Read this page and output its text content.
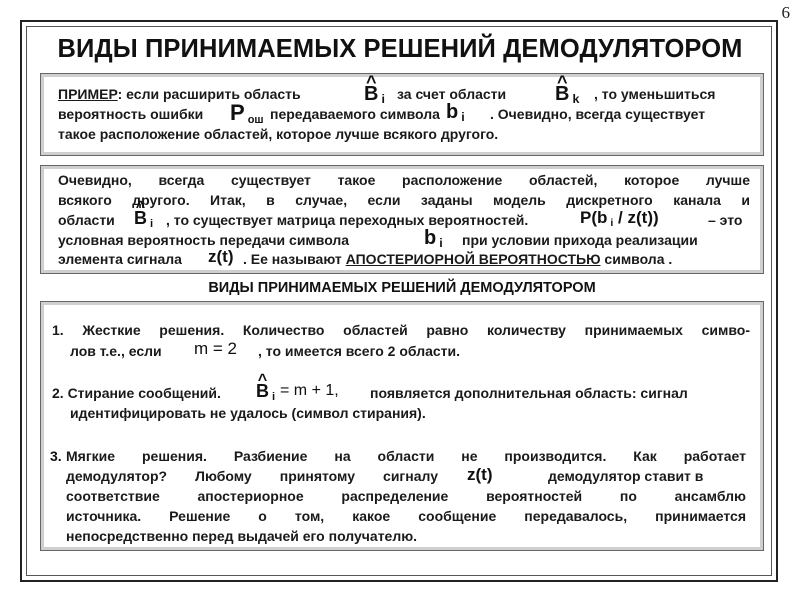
6
ВИДЫ ПРИНИМАЕМЫХ РЕШЕНИЙ ДЕМОДУЛЯТОРОМ
ПРИМЕР: если расширить область	^ B $_i$ за счет области ^ B $_k$ , то уменьшиться
вероятность ошибки P $_{ош}$ передаваемого символа b $_i$ . Очевидно, всегда существует
такое расположение областей, которое лучше всякого другого.
Очевидно, всегда существует такое расположение областей, которое лучше
всякого другого. Итак, в случае, если заданы модель дискретного канала и
области ^ B $_i$ , то существует матрица переходных вероятностей.	P(b $_i$ / z(t))	– это
условная вероятность передачи символа	b $_i$ при условии прихода реализации
элемента сигнала z(t) . Ее называют АПОСТЕРИОРНОЙ ВЕРОЯТНОСТЬЮ символа .
ВИДЫ ПРИНИМАЕМЫХ РЕШЕНИЙ ДЕМОДУЛЯТОРОМ
1. Жесткие решения. Количество областей равно количеству принимаемых симво-
лов т.е., если m = 2 , то имеется всего 2 области.
2. Стирание сообщений. ^ B $_i$ = m + 1, появляется дополнительная область: сигнал
идентифицировать не удалось (символ стирания).
3. Мягкие решения. Разбиение на области не производится. Как работает
демодулятор? Любому принятому сигналу z(t)	демодулятор ставит в
соответствие апостериорное распределение вероятностей по ансамблю
источника. Решение о том, какое сообщение передавалось, принимается
непосредственно перед выдачей его получателю.
